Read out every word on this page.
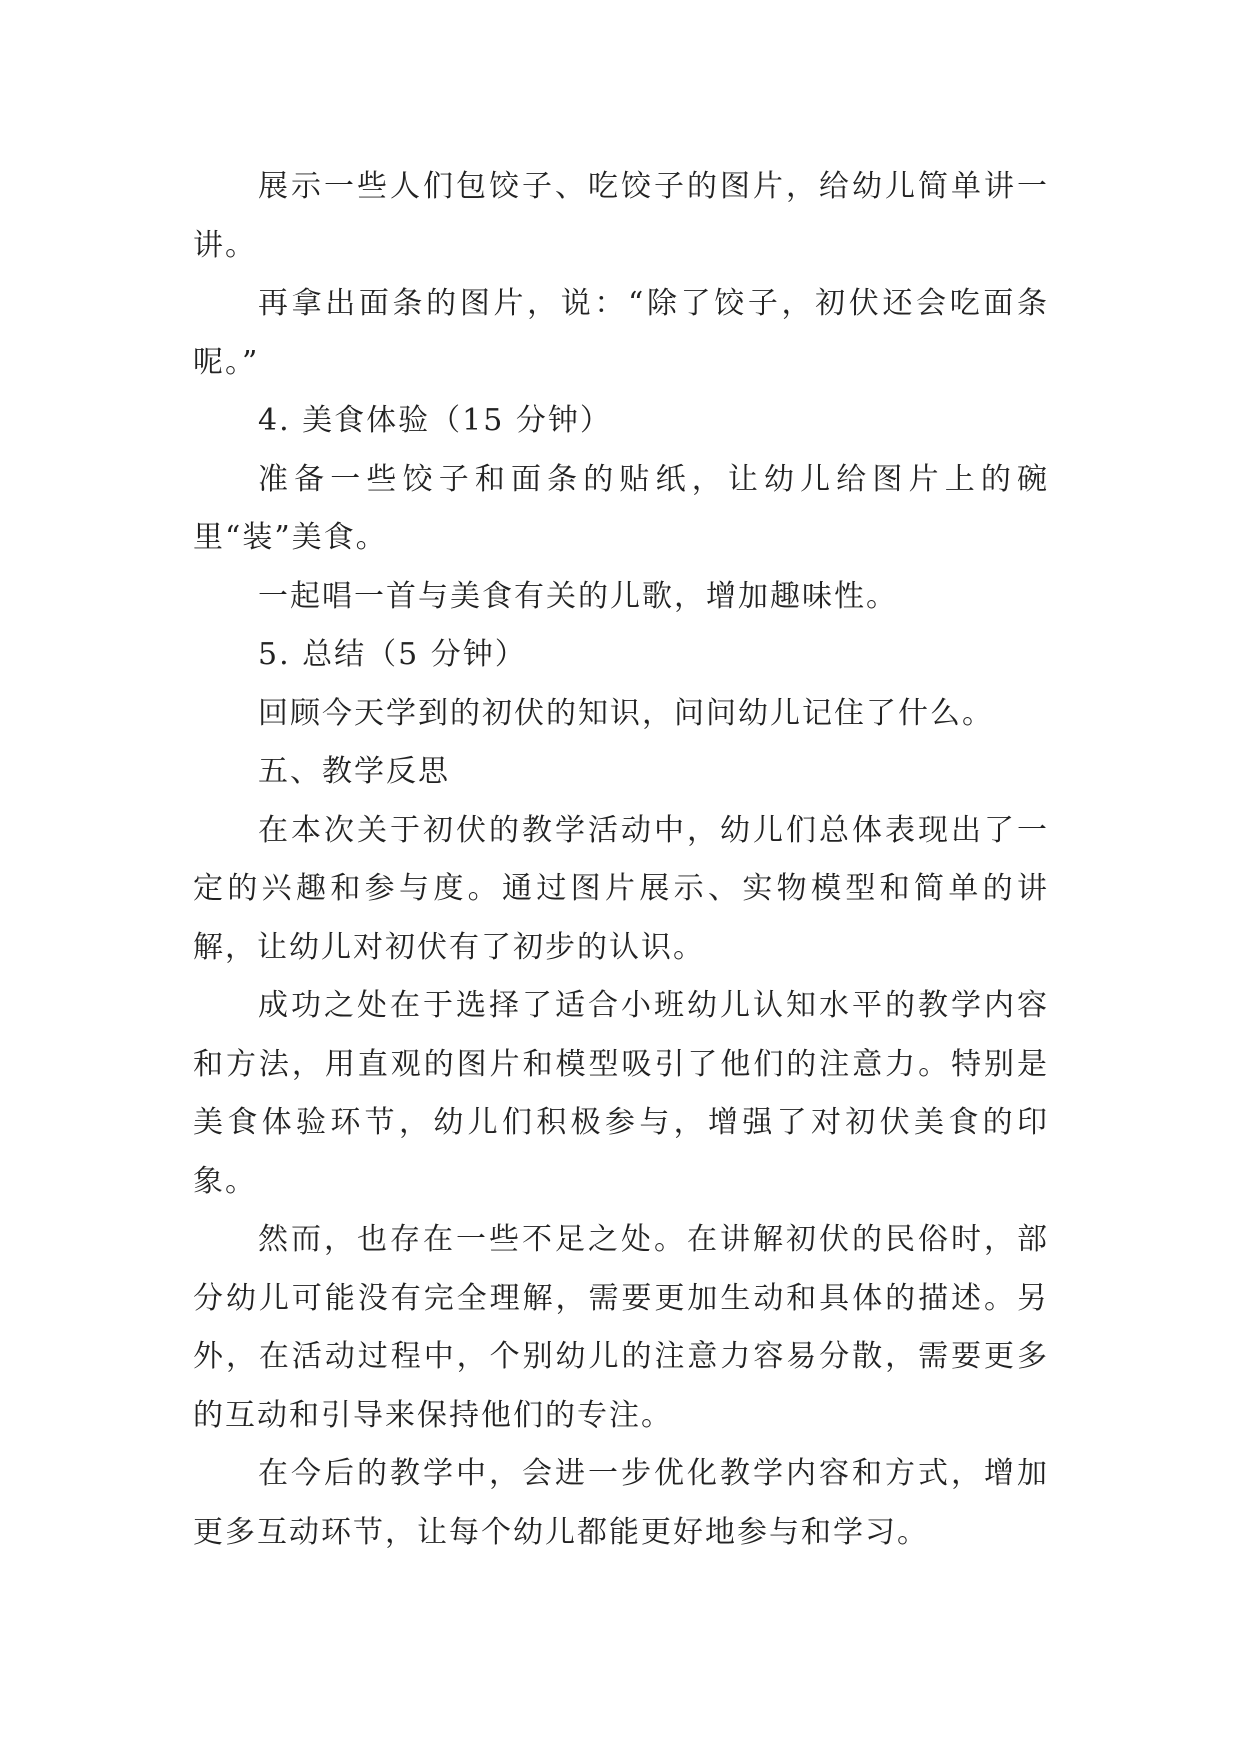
展示一些人们包饺子、吃饺子的图片，给幼儿简单讲一讲。

再拿出面条的图片，说：“除了饺子，初伏还会吃面条呢。”

4. 美食体验（15 分钟）

准备一些饺子和面条的贴纸，让幼儿给图片上的碗里“装”美食。

一起唱一首与美食有关的儿歌，增加趣味性。

5. 总结（5 分钟）

回顾今天学到的初伏的知识，问问幼儿记住了什么。

五、教学反思

在本次关于初伏的教学活动中，幼儿们总体表现出了一定的兴趣和参与度。通过图片展示、实物模型和简单的讲解，让幼儿对初伏有了初步的认识。

成功之处在于选择了适合小班幼儿认知水平的教学内容和方法，用直观的图片和模型吸引了他们的注意力。特别是美食体验环节，幼儿们积极参与，增强了对初伏美食的印象。

然而，也存在一些不足之处。在讲解初伏的民俗时，部分幼儿可能没有完全理解，需要更加生动和具体的描述。另外，在活动过程中，个别幼儿的注意力容易分散，需要更多的互动和引导来保持他们的专注。

在今后的教学中，会进一步优化教学内容和方式，增加更多互动环节，让每个幼儿都能更好地参与和学习。
